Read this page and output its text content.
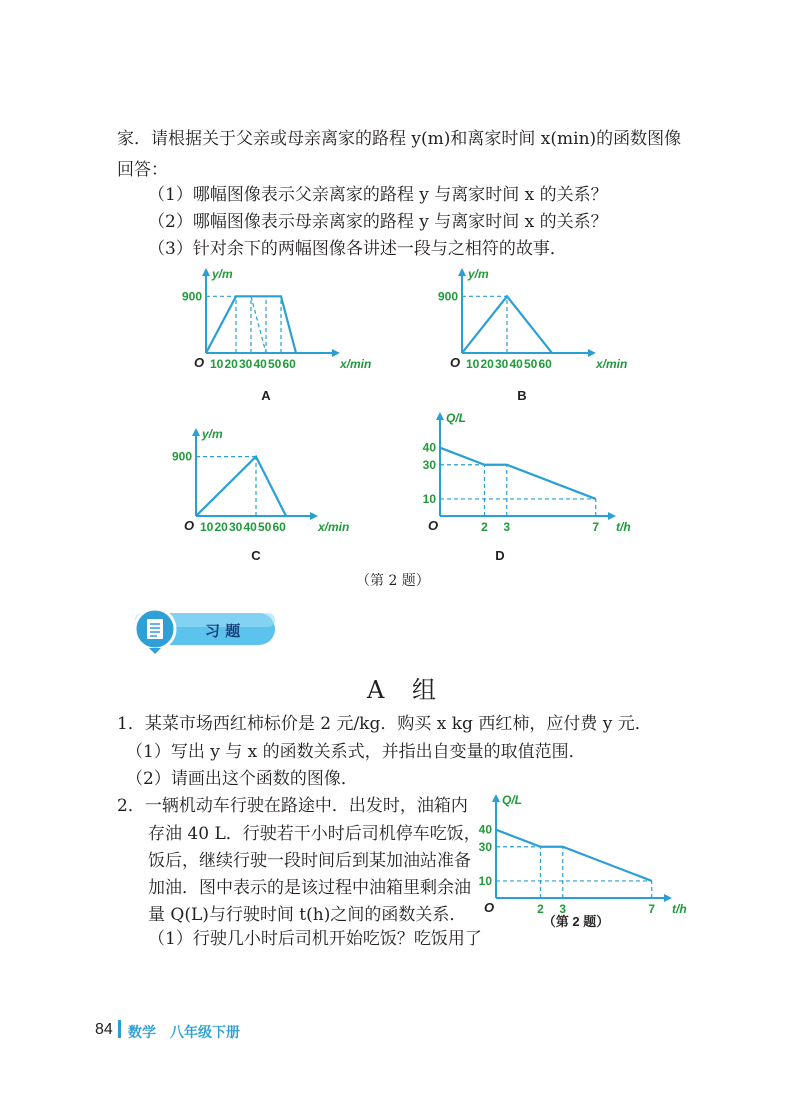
家．请根据关于父亲或母亲离家的路程 y(m)和离家时间 x(min)的函数图像
回答：
（1）哪幅图像表示父亲离家的路程 y 与离家时间 x 的关系？
（2）哪幅图像表示母亲离家的路程 y 与离家时间 x 的关系？
（3）针对余下的两幅图像各讲述一段与之相符的故事．
O
y/m
x/min
900
10 20 30 40 50 60
A
O
y/m
x/min
900
10 20 30 40 50 60
B
O
y/m
x/min
900
10 20 30 40 50 60
C
O
Q/L
t/h
40
30
10
2 3	7
D
（第 2 题）
习 题
A 组
1．某菜市场西红柿标价是 2 元/kg．购买 x kg 西红柿，应付费 y 元．
（1）写出 y 与 x 的函数关系式，并指出自变量的取值范围．
（2）请画出这个函数的图像．
2．一辆机动车行驶在路途中．出发时，油箱内
存油 40 L．行驶若干小时后司机停车吃饭，
饭后，继续行驶一段时间后到某加油站准备
加油．图中表示的是该过程中油箱里剩余油
量 Q(L)与行驶时间 t(h)之间的函数关系．
（1）行驶几小时后司机开始吃饭？吃饭用了
O
Q/L
t/h
40
30
10
2 3	7
（第 2 题）
84 数学　八年级下册
